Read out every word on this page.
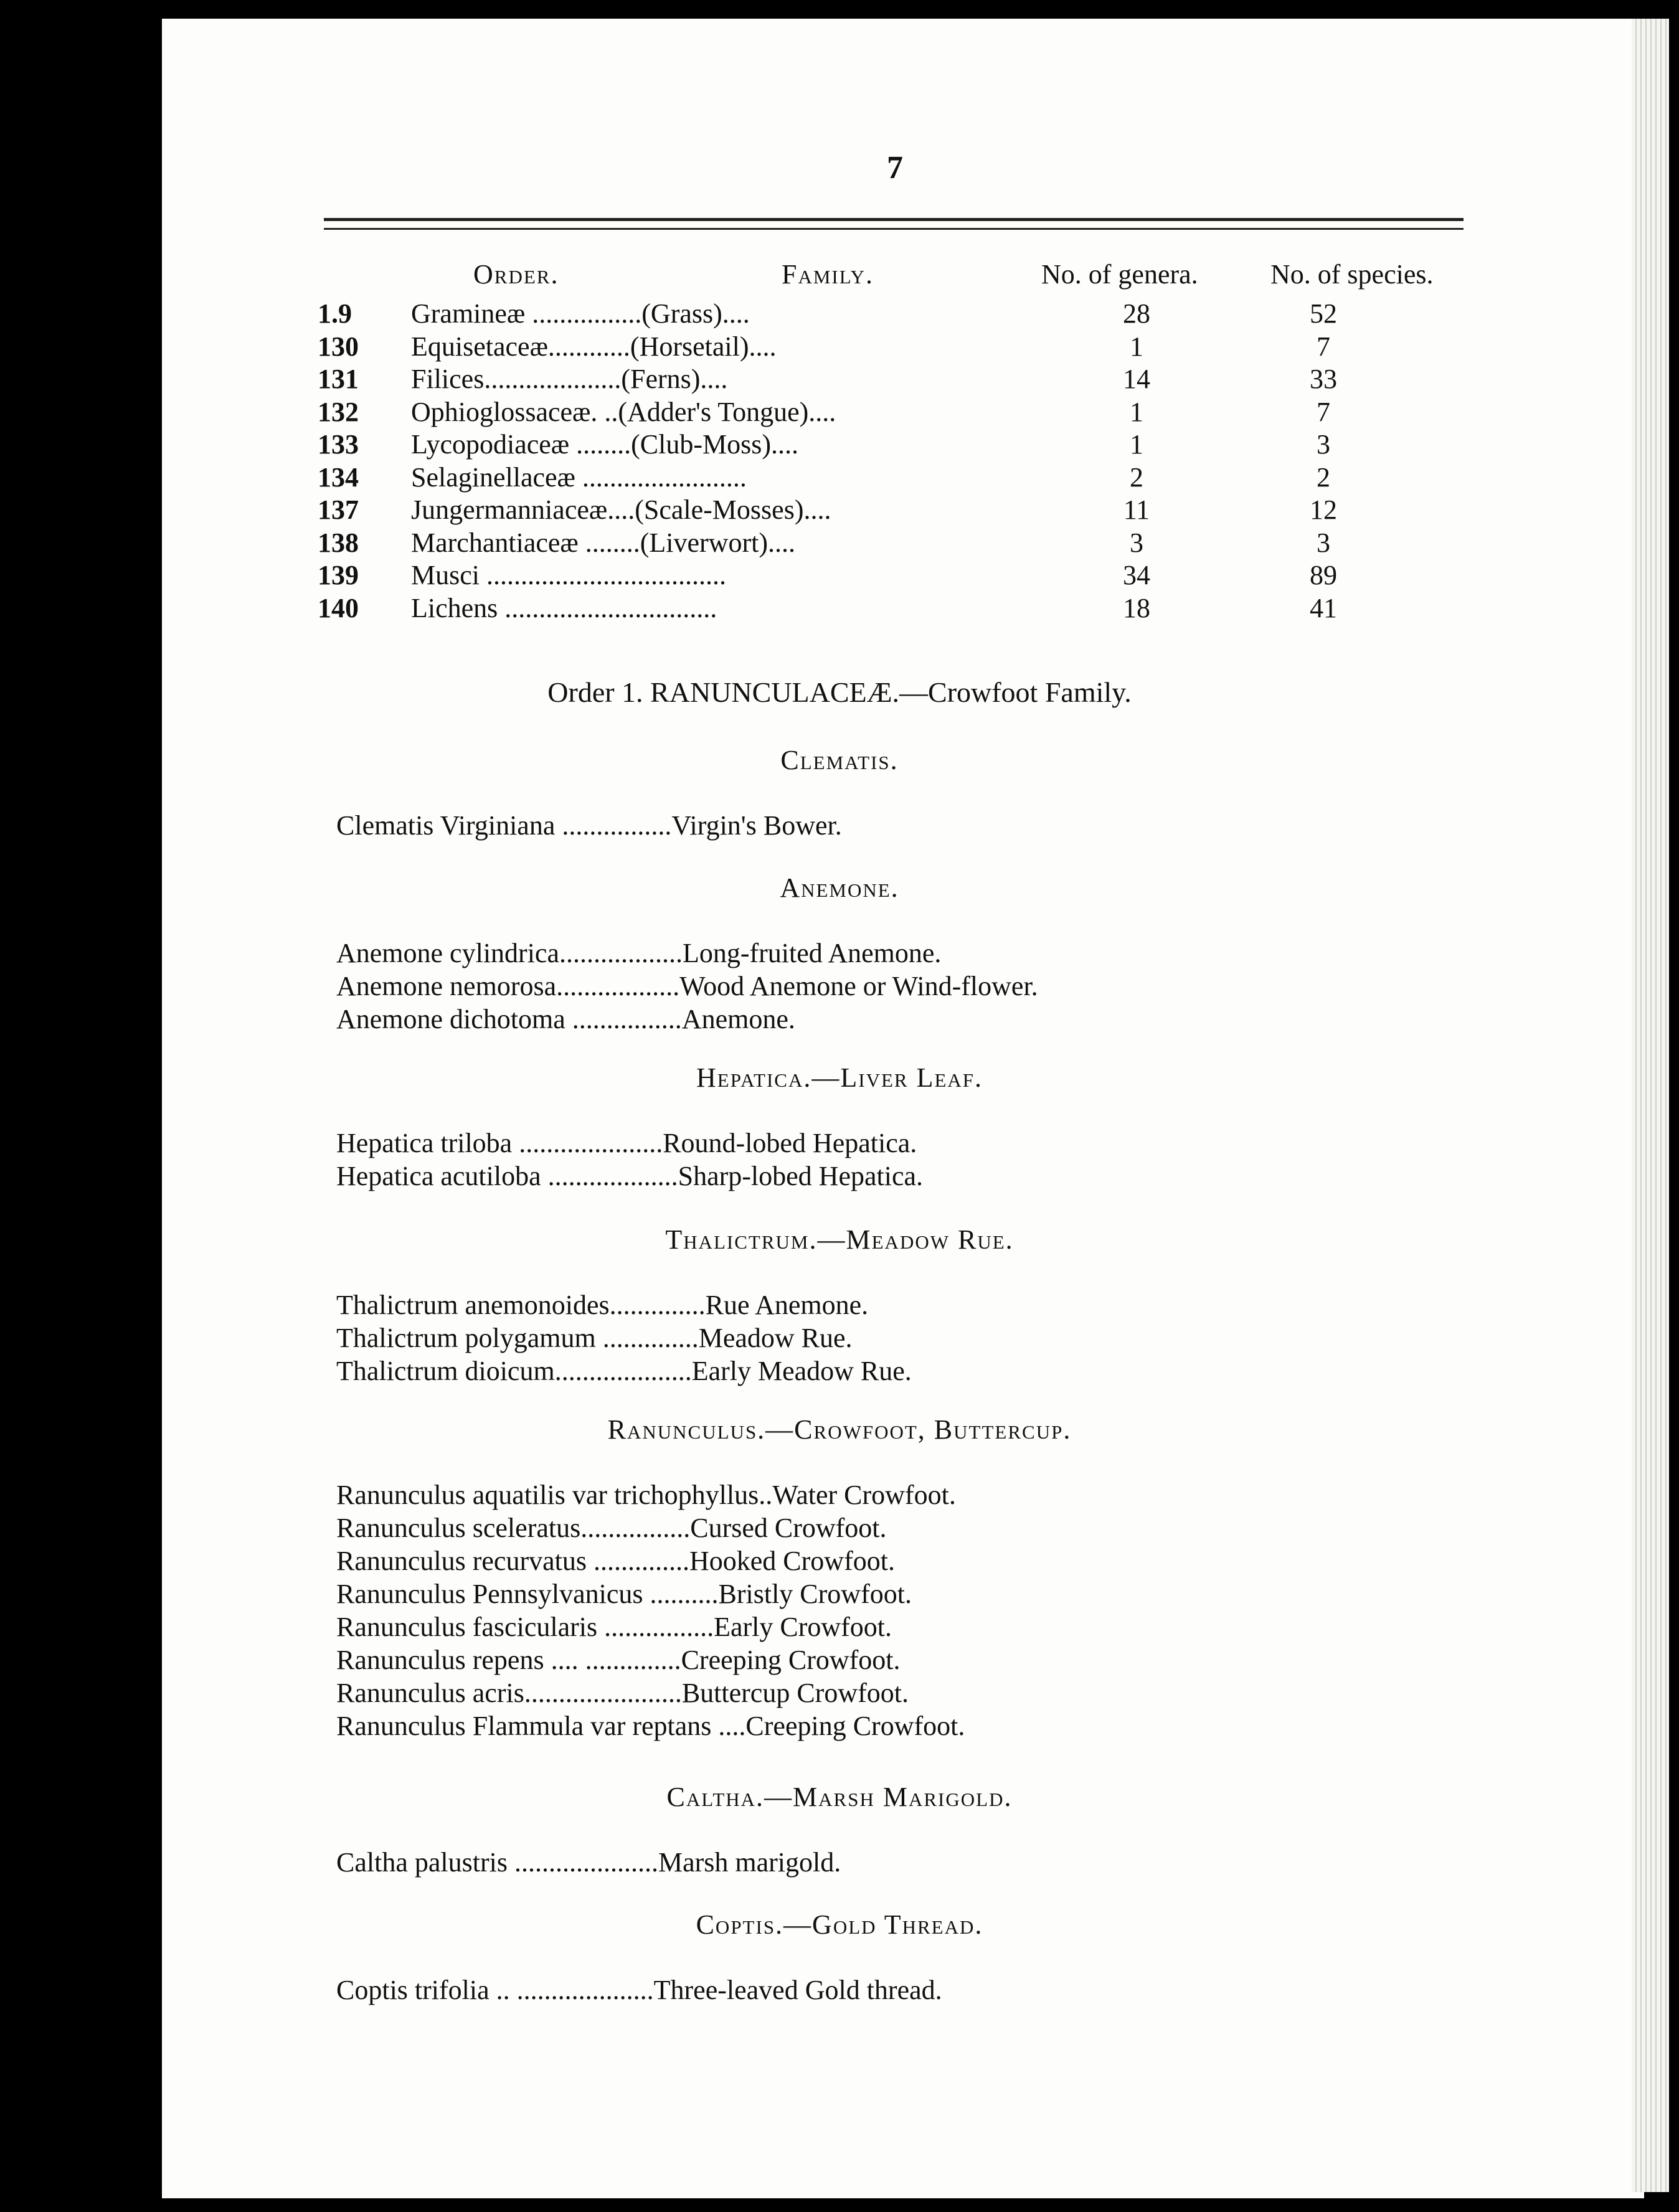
7
Order.	Family.	No. of genera.	No. of species.
1.9 Gramineæ ................(Grass)....	28	52
130 Equisetaceæ............(Horsetail)....	1	7
131 Filices....................(Ferns)....	14	33
132 Ophioglossaceæ. ..(Adder's Tongue)....	1	7
133 Lycopodiaceæ ........(Club-Moss)....	1	3
134 Selaginellaceæ ........................	2	2
137 Jungermanniaceæ....(Scale-Mosses)....	11	12
138 Marchantiaceæ ........(Liverwort)....	3	3
139 Musci ...................................	34	89
140 Lichens ...............................	18	41
Order 1. RANUNCULACEÆ.—Crowfoot Family.
Clematis.
Clematis Virginiana ................Virgin's Bower.
Anemone.
Anemone cylindrica..................Long-fruited Anemone.
Anemone nemorosa..................Wood Anemone or Wind-flower.
Anemone dichotoma ................Anemone.
Hepatica.—Liver Leaf.
Hepatica triloba .....................Round-lobed Hepatica.
Hepatica acutiloba ...................Sharp-lobed Hepatica.
Thalictrum.—Meadow Rue.
Thalictrum anemonoides..............Rue Anemone.
Thalictrum polygamum ..............Meadow Rue.
Thalictrum dioicum....................Early Meadow Rue.
Ranunculus.—Crowfoot, Buttercup.
Ranunculus aquatilis var trichophyllus..Water Crowfoot.
Ranunculus sceleratus................Cursed Crowfoot.
Ranunculus recurvatus ..............Hooked Crowfoot.
Ranunculus Pennsylvanicus ..........Bristly Crowfoot.
Ranunculus fascicularis ................Early Crowfoot.
Ranunculus repens .... ..............Creeping Crowfoot.
Ranunculus acris.......................Buttercup Crowfoot.
Ranunculus Flammula var reptans ....Creeping Crowfoot.
Caltha.—Marsh Marigold.
Caltha palustris .....................Marsh marigold.
Coptis.—Gold Thread.
Coptis trifolia .. ....................Three-leaved Gold thread.
